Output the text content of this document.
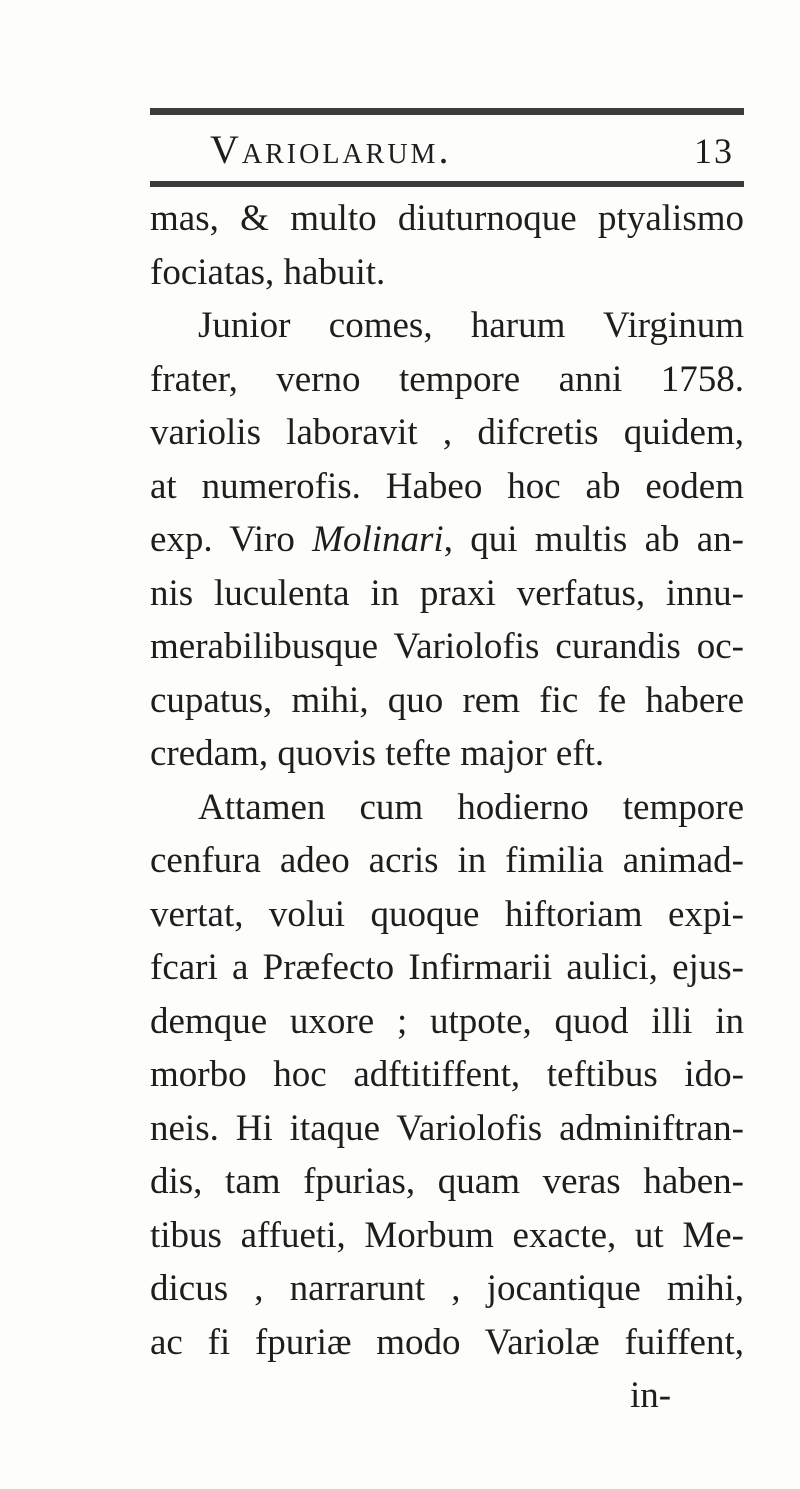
Variolarum.	13
mas, & multo diuturnoque ptyalismo
fociatas, habuit.
Junior comes, harum Virginum
frater, verno tempore anni 1758.
variolis laboravit , difcretis quidem,
at numerofis. Habeo hoc ab eodem
exp. Viro Molinari, qui multis ab an-
nis luculenta in praxi verfatus, innu-
merabilibusque Variolofis curandis oc-
cupatus, mihi, quo rem fic fe habere
credam, quovis tefte major eft.
Attamen cum hodierno tempore
cenfura adeo acris in fimilia animad-
vertat, volui quoque hiftoriam expi-
fcari a Præfecto Infirmarii aulici, ejus-
demque uxore ; utpote, quod illi in
morbo hoc adftitiffent, teftibus ido-
neis. Hi itaque Variolofis adminiftran-
dis, tam fpurias, quam veras haben-
tibus affueti, Morbum exacte, ut Me-
dicus , narrarunt , jocantique mihi,
ac fi fpuriæ modo Variolæ fuiffent,
in-
